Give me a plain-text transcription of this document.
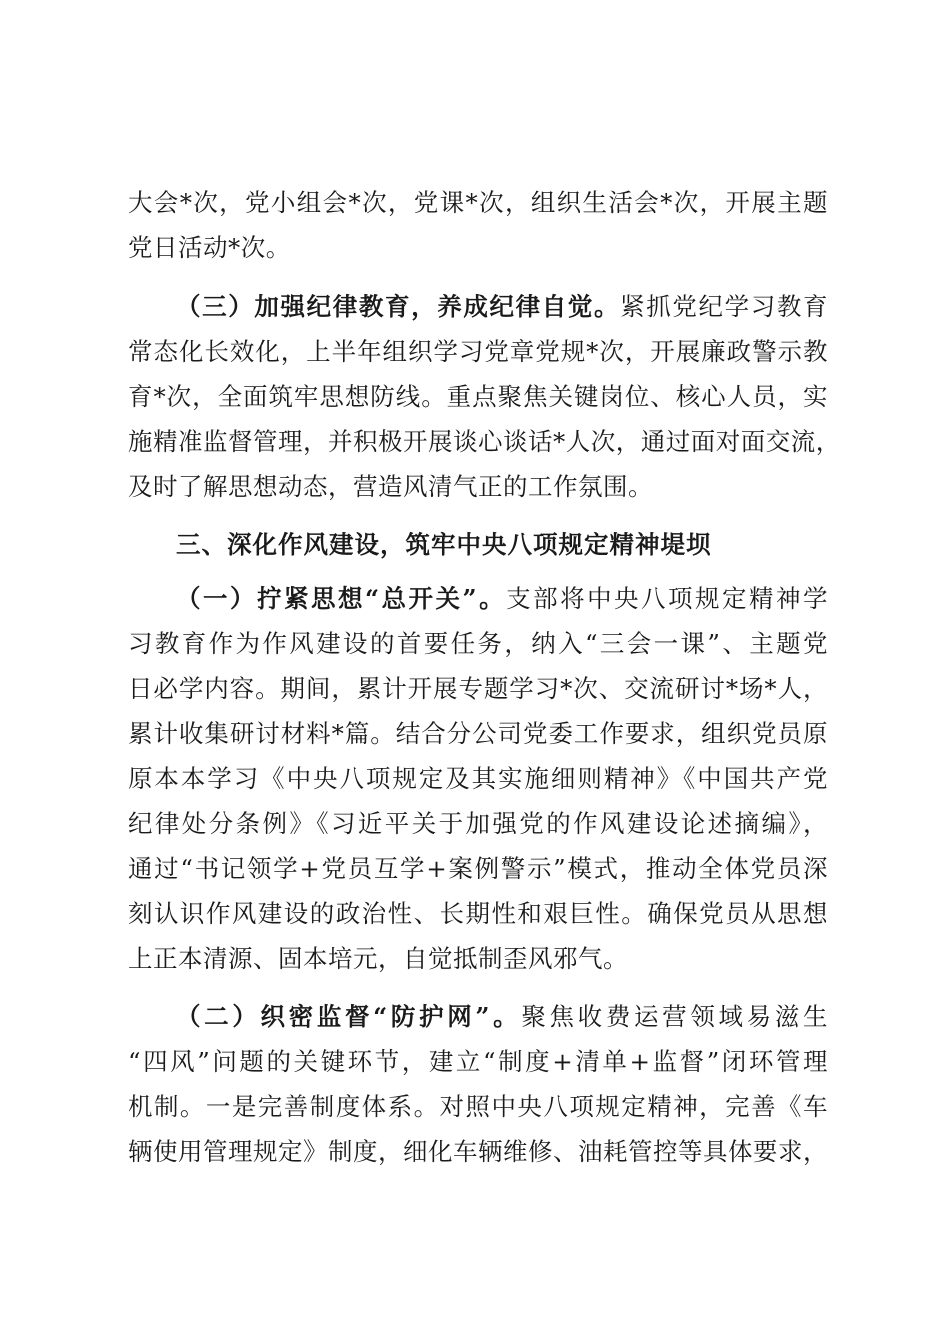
大会*次，党小组会*次，党课*次，组织生活会*次，开展主题
党日活动*次。
（三）加强纪律教育，养成纪律自觉。紧抓党纪学习教育
常态化长效化，上半年组织学习党章党规*次，开展廉政警示教
育*次，全面筑牢思想防线。重点聚焦关键岗位、核心人员，实
施精准监督管理，并积极开展谈心谈话*人次，通过面对面交流，
及时了解思想动态，营造风清气正的工作氛围。
三、深化作风建设，筑牢中央八项规定精神堤坝
（一）拧紧思想“总开关”。支部将中央八项规定精神学
习教育作为作风建设的首要任务，纳入“三会一课”、主题党
日必学内容。期间，累计开展专题学习*次、交流研讨*场*人，
累计收集研讨材料*篇。结合分公司党委工作要求，组织党员原
原本本学习《中央八项规定及其实施细则精神》《中国共产党
纪律处分条例》《习近平关于加强党的作风建设论述摘编》，
通过“书记领学+党员互学+案例警示”模式，推动全体党员深
刻认识作风建设的政治性、长期性和艰巨性。确保党员从思想
上正本清源、固本培元，自觉抵制歪风邪气。
（二）织密监督“防护网”。聚焦收费运营领域易滋生
“四风”问题的关键环节，建立“制度+清单+监督”闭环管理
机制。一是完善制度体系。对照中央八项规定精神，完善《车
辆使用管理规定》制度，细化车辆维修、油耗管控等具体要求，
